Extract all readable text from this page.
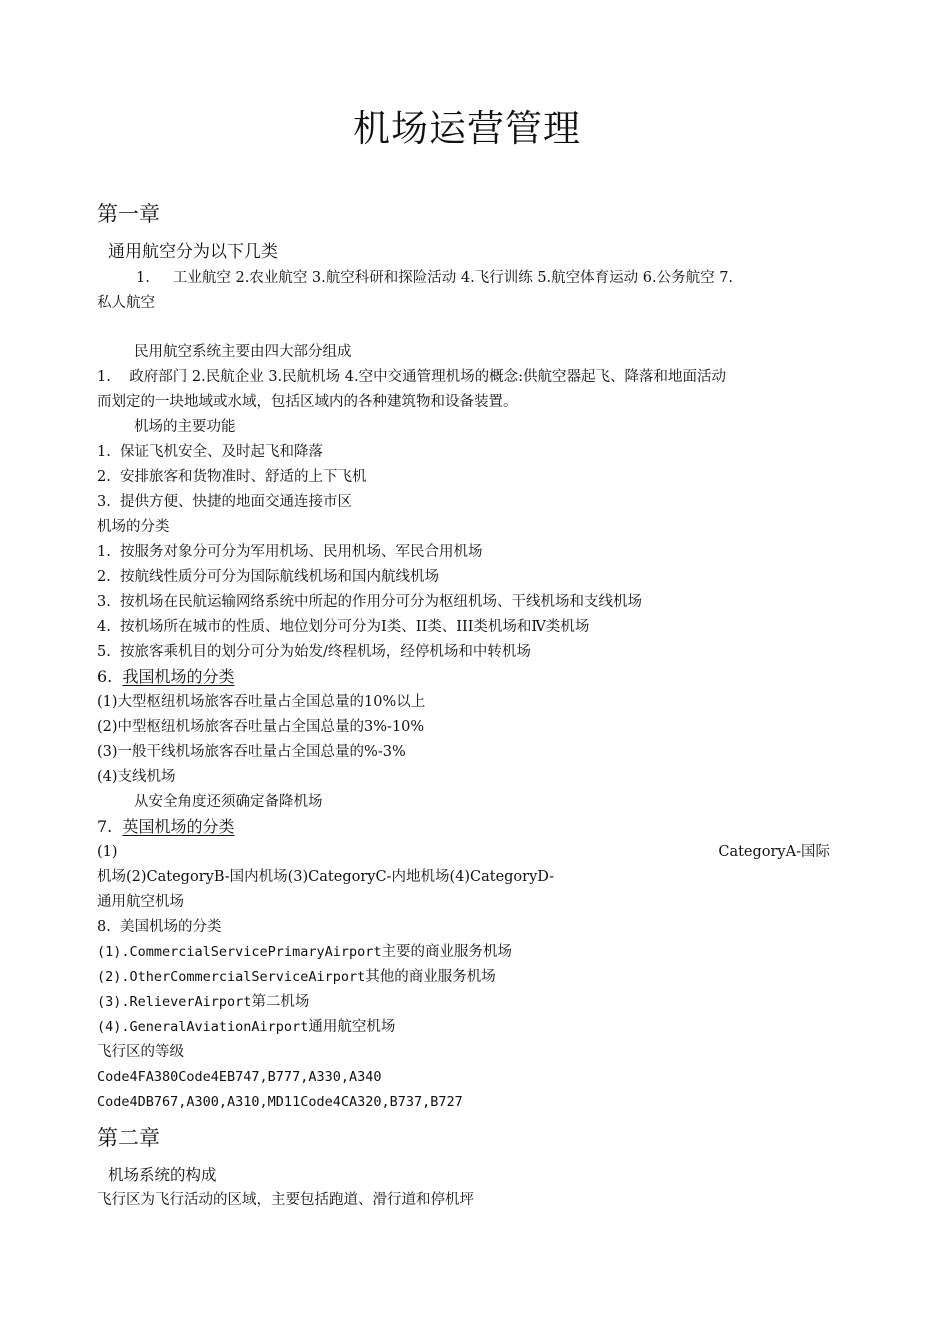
机场运营管理
第一章
通用航空分为以下几类
1.     工业航空 2.农业航空 3.航空科研和探险活动 4.飞行训练 5.航空体育运动 6.公务航空 7.
私人航空
民用航空系统主要由四大部分组成
1.    政府部门 2.民航企业 3.民航机场 4.空中交通管理机场的概念:供航空器起飞、降落和地面活动
而划定的一块地域或水域，包括区域内的各种建筑物和设备装置。
机场的主要功能
1.  保证飞机安全、及时起飞和降落
2.  安排旅客和货物准时、舒适的上下飞机
3.  提供方便、快捷的地面交通连接市区
机场的分类
1.  按服务对象分可分为军用机场、民用机场、军民合用机场
2.  按航线性质分可分为国际航线机场和国内航线机场
3.  按机场在民航运输网络系统中所起的作用分可分为枢纽机场、干线机场和支线机场
4.  按机场所在城市的性质、地位划分可分为Ⅰ类、II类、III类机场和Ⅳ类机场
5.  按旅客乘机目的划分可分为始发/终程机场，经停机场和中转机场
6.  我国机场的分类
(1)大型枢纽机场旅客吞吐量占全国总量的10%以上
(2)中型枢纽机场旅客吞吐量占全国总量的3%-10%
(3)一般干线机场旅客吞吐量占全国总量的%-3%
(4)支线机场
从安全角度还须确定备降机场
7.  英国机场的分类
(1)	CategoryA-国际
机场(2)CategoryB-国内机场(3)CategoryC-内地机场(4)CategoryD-
通用航空机场
8.  美国机场的分类
(1).CommercialServicePrimaryAirport主要的商业服务机场
(2).OtherCommercialServiceAirport其他的商业服务机场
(3).RelieverAirport第二机场
(4).GeneralAviationAirport通用航空机场
飞行区的等级
Code4FA380Code4EB747,B777,A330,A340
Code4DB767,A300,A310,MD11Code4CA320,B737,B727
第二章
机场系统的构成
飞行区为飞行活动的区域，主要包括跑道、滑行道和停机坪
